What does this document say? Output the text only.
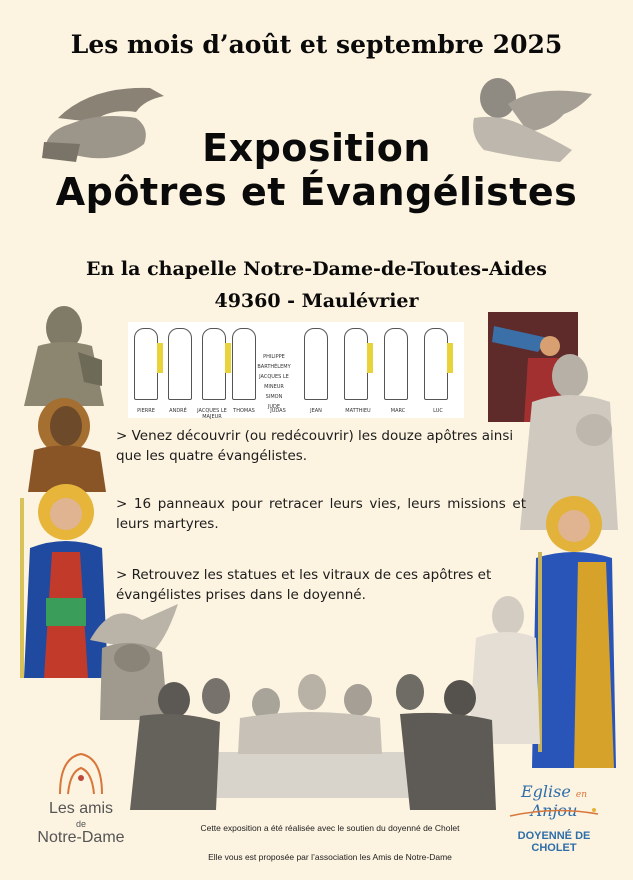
Les mois d’août et septembre 2025
Exposition
Apôtres et Évangélistes
En la chapelle Notre-Dame-de-Toutes-Aides
49360 - Maulévrier
PIERRE	ANDRÉ	JACQUES LE MAJEUR
THOMAS	JUDAS	JEAN	MATTHIEU	MARC	LUC
PHILIPPE
BARTHÉLEMY
JACQUES LE MINEUR
SIMON
JUDE
> Venez découvrir (ou redécouvrir) les douze apôtres ainsi que les quatre évangélistes.
> 16 panneaux pour retracer leurs vies, leurs missions et leurs martyres.
> Retrouvez les statues et les vitraux de ces apôtres et évangélistes prises dans le doyenné.
Cette exposition a été réalisée avec le soutien du doyenné de Cholet
Elle vous est proposée par l’association les Amis de Notre-Dame
Les amis
de
Notre-Dame
Eglise en Anjou
DOYENNÉ DE CHOLET
